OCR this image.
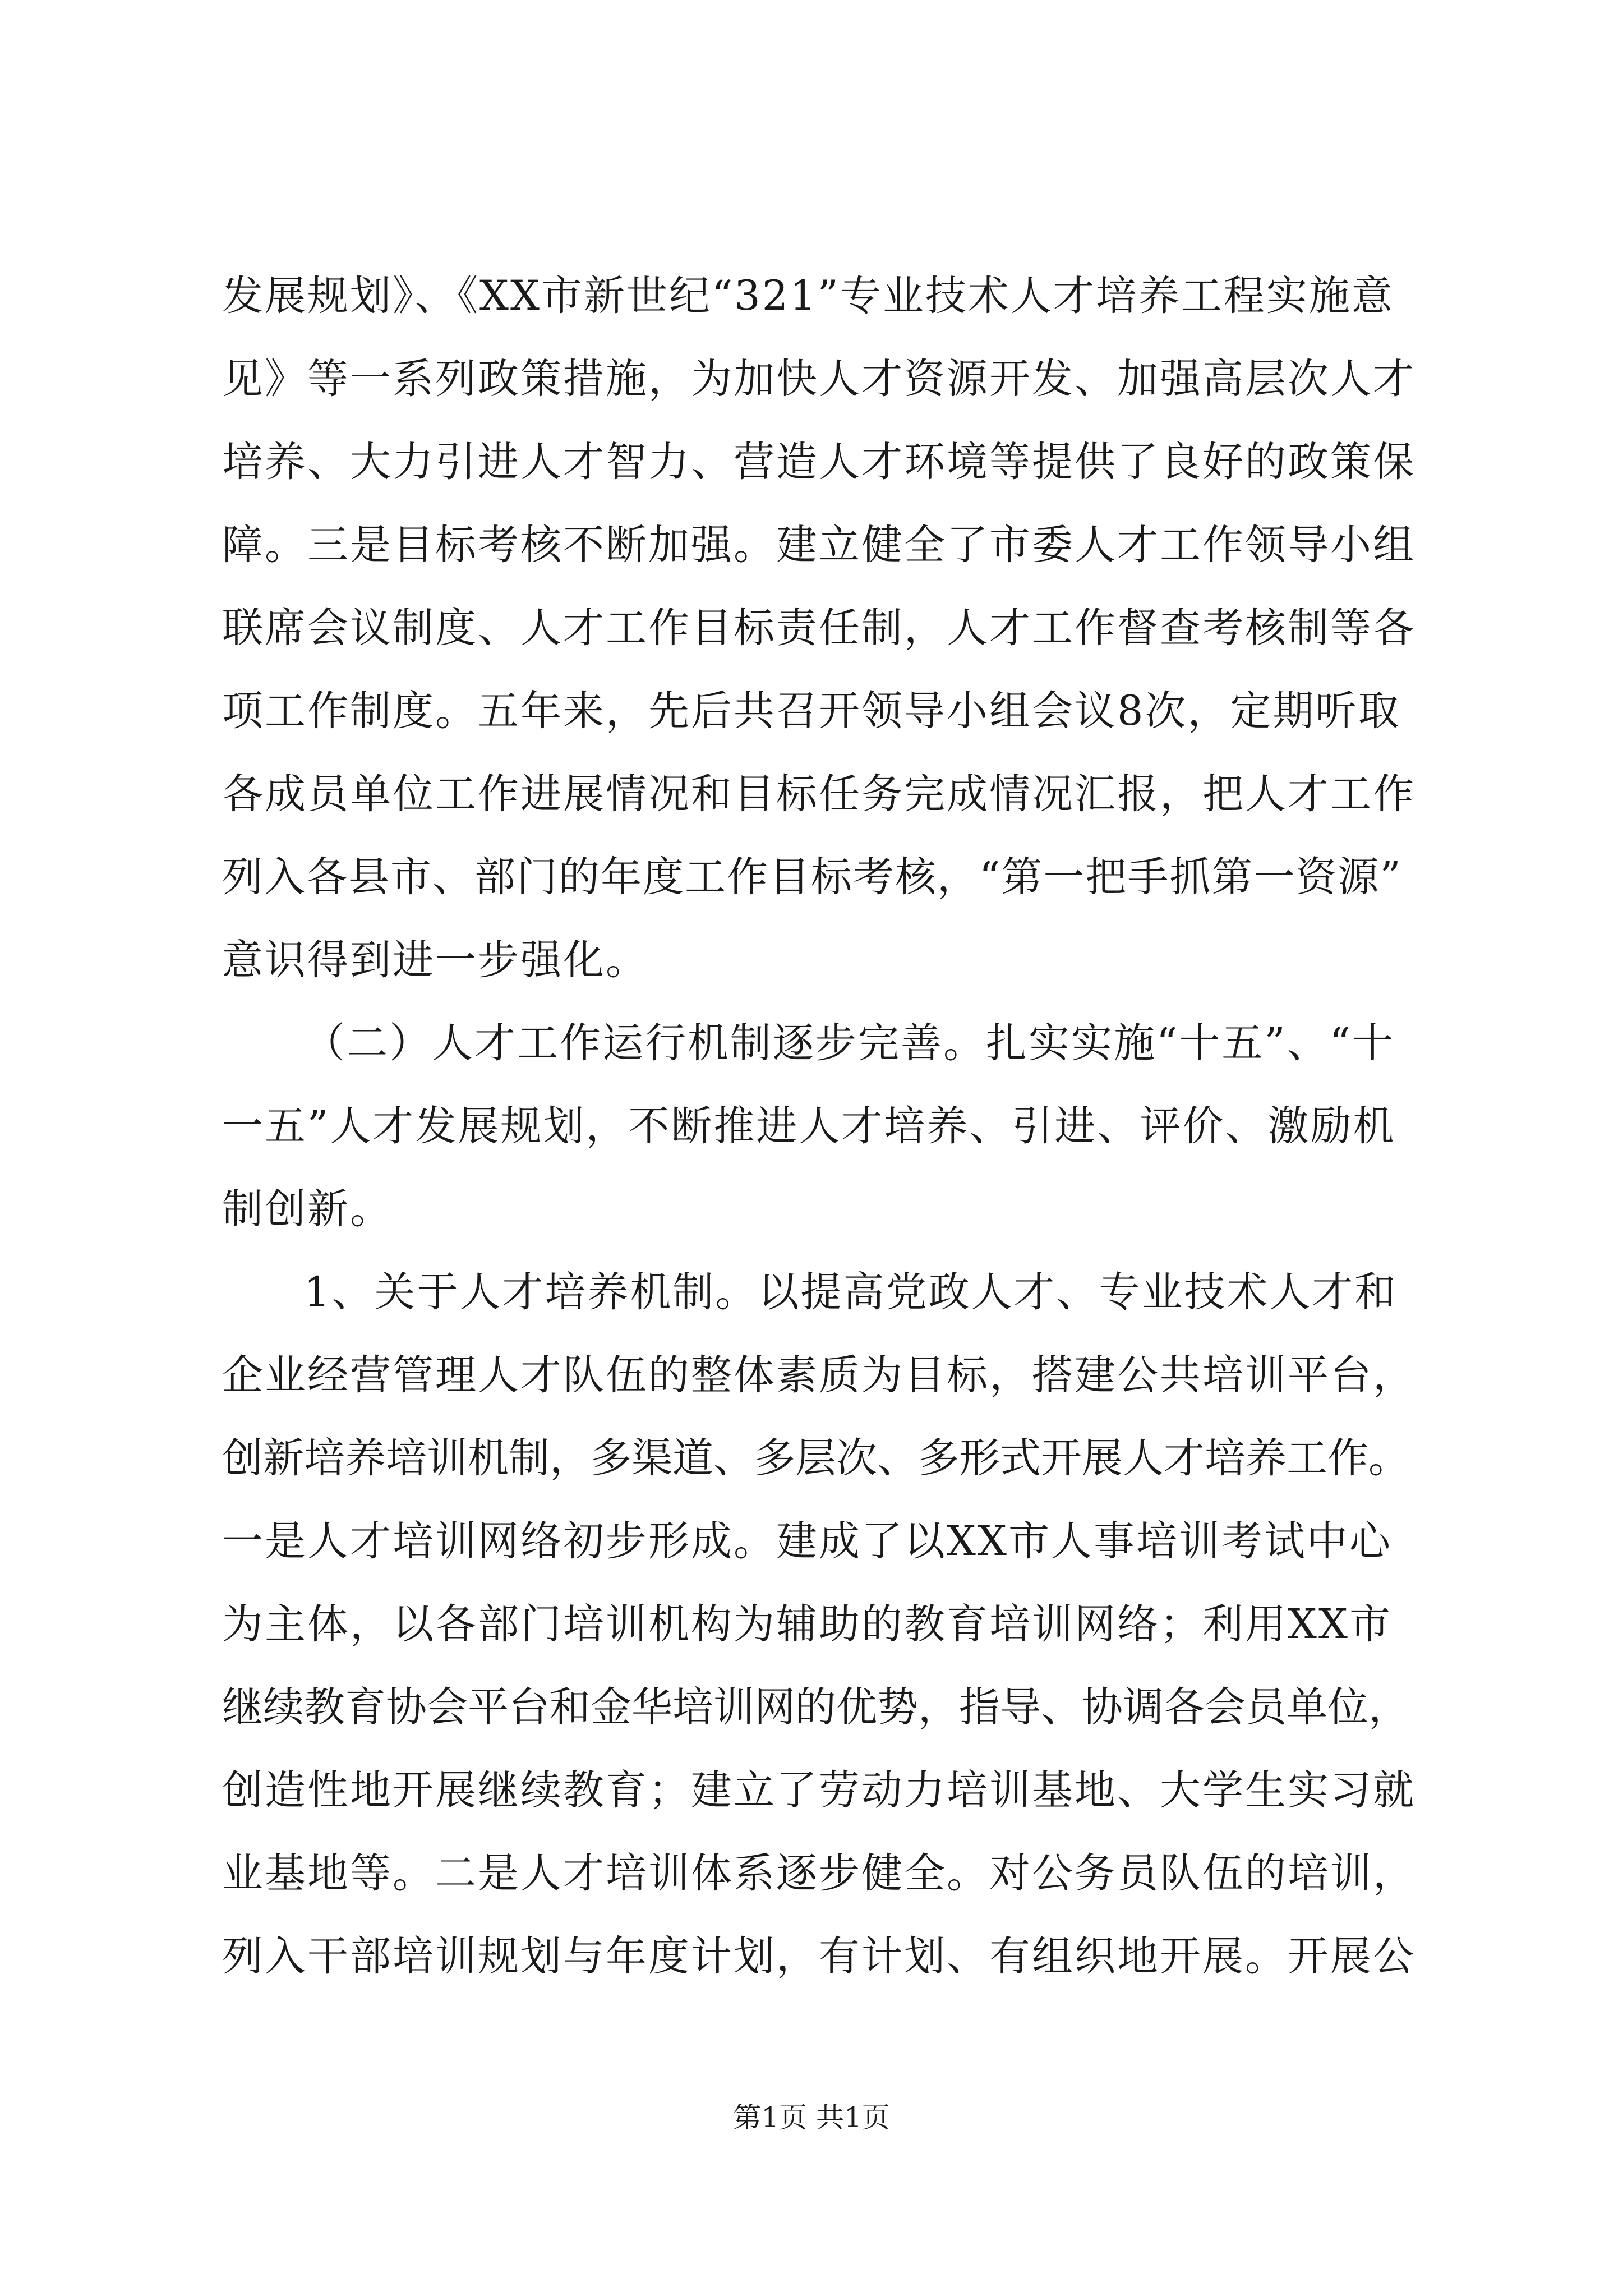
发展规划》、《XX市新世纪“321”专业技术人才培养工程实施意
见》等一系列政策措施，为加快人才资源开发、加强高层次人才
培养、大力引进人才智力、营造人才环境等提供了良好的政策保
障。三是目标考核不断加强。建立健全了市委人才工作领导小组
联席会议制度、人才工作目标责任制，人才工作督查考核制等各
项工作制度。五年来，先后共召开领导小组会议8次，定期听取
各成员单位工作进展情况和目标任务完成情况汇报，把人才工作
列入各县市、部门的年度工作目标考核，“第一把手抓第一资源”
意识得到进一步强化。
（二）人才工作运行机制逐步完善。扎实实施“十五”、“十
一五”人才发展规划，不断推进人才培养、引进、评价、激励机
制创新。
1、关于人才培养机制。以提高党政人才、专业技术人才和
企业经营管理人才队伍的整体素质为目标，搭建公共培训平台，
创新培养培训机制，多渠道、多层次、多形式开展人才培养工作。
一是人才培训网络初步形成。建成了以XX市人事培训考试中心
为主体，以各部门培训机构为辅助的教育培训网络；利用XX市
继续教育协会平台和金华培训网的优势，指导、协调各会员单位，
创造性地开展继续教育；建立了劳动力培训基地、大学生实习就
业基地等。二是人才培训体系逐步健全。对公务员队伍的培训，
列入干部培训规划与年度计划，有计划、有组织地开展。开展公
第1页 共1页
